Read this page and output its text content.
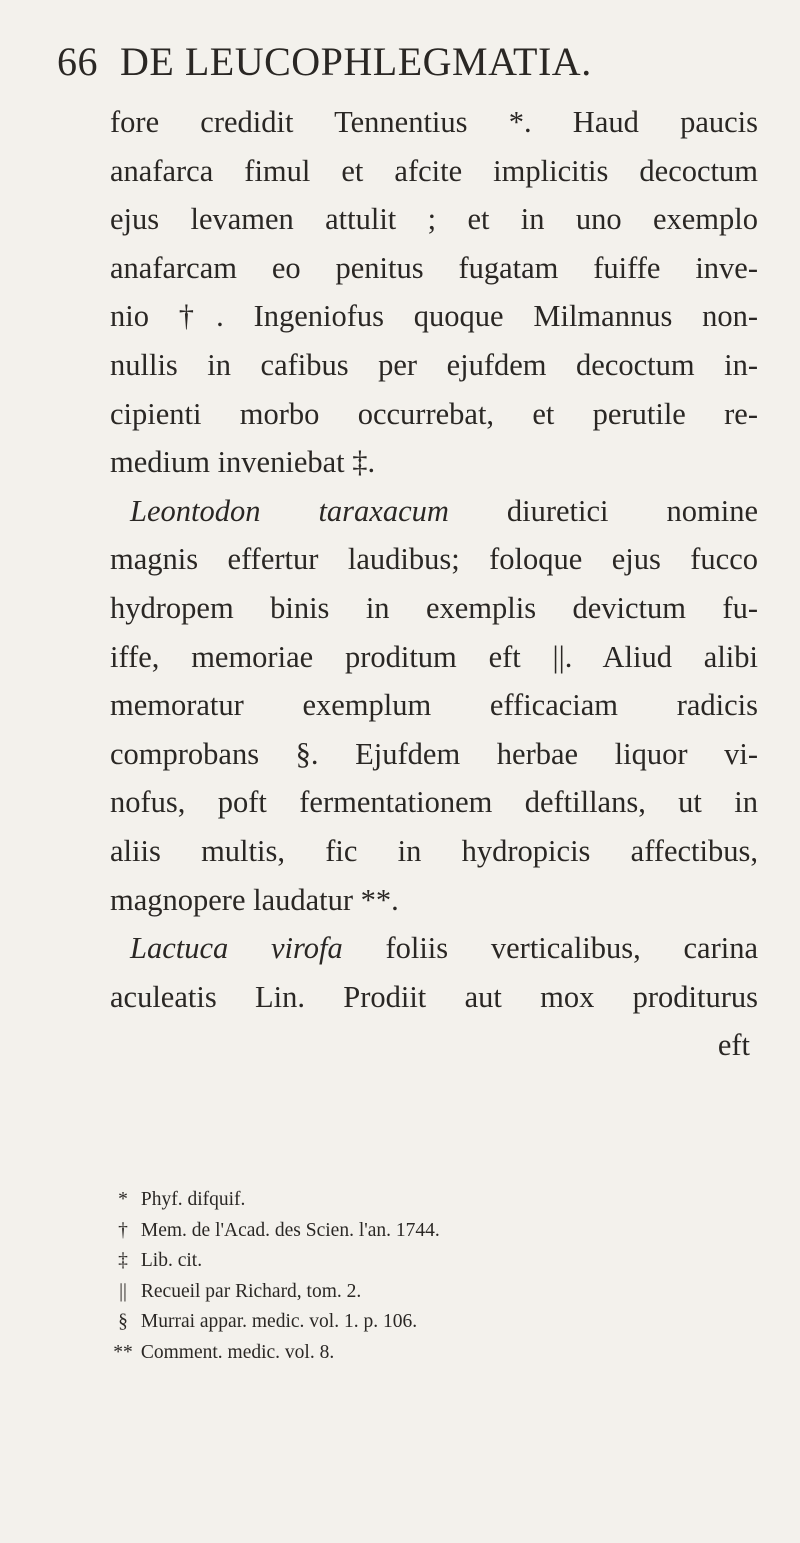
66 DE LEUCOPHLEGMATIA.
fore credidit Tennentius *. Haud paucis
anafarca fimul et afcite implicitis decoctum
ejus levamen attulit ; et in uno exemplo
anafarcam eo penitus fugatam fuiffe inve-
nio †. Ingeniofus quoque Milmannus non-
nullis in cafibus per ejufdem decoctum in-
cipienti morbo occurrebat, et perutile re-
medium inveniebat ‡.
Leontodon taraxacum diuretici nomine
magnis effertur laudibus; foloque ejus fucco
hydropem binis in exemplis devictum fu-
iffe, memoriae proditum eft ||. Aliud alibi
memoratur exemplum efficaciam radicis
comprobans §. Ejufdem herbae liquor vi-
nofus, poft fermentationem deftillans, ut in
aliis multis, fic in hydropicis affectibus,
magnopere laudatur **.
Lactuca virofa foliis verticalibus, carina
aculeatis Lin. Prodiit aut mox proditurus
eft
* Phyf. difquif.
† Mem. de l'Acad. des Scien. l'an. 1744.
‡ Lib. cit.
|| Recueil par Richard, tom. 2.
§ Murrai appar. medic. vol. 1. p. 106.
** Comment. medic. vol. 8.
